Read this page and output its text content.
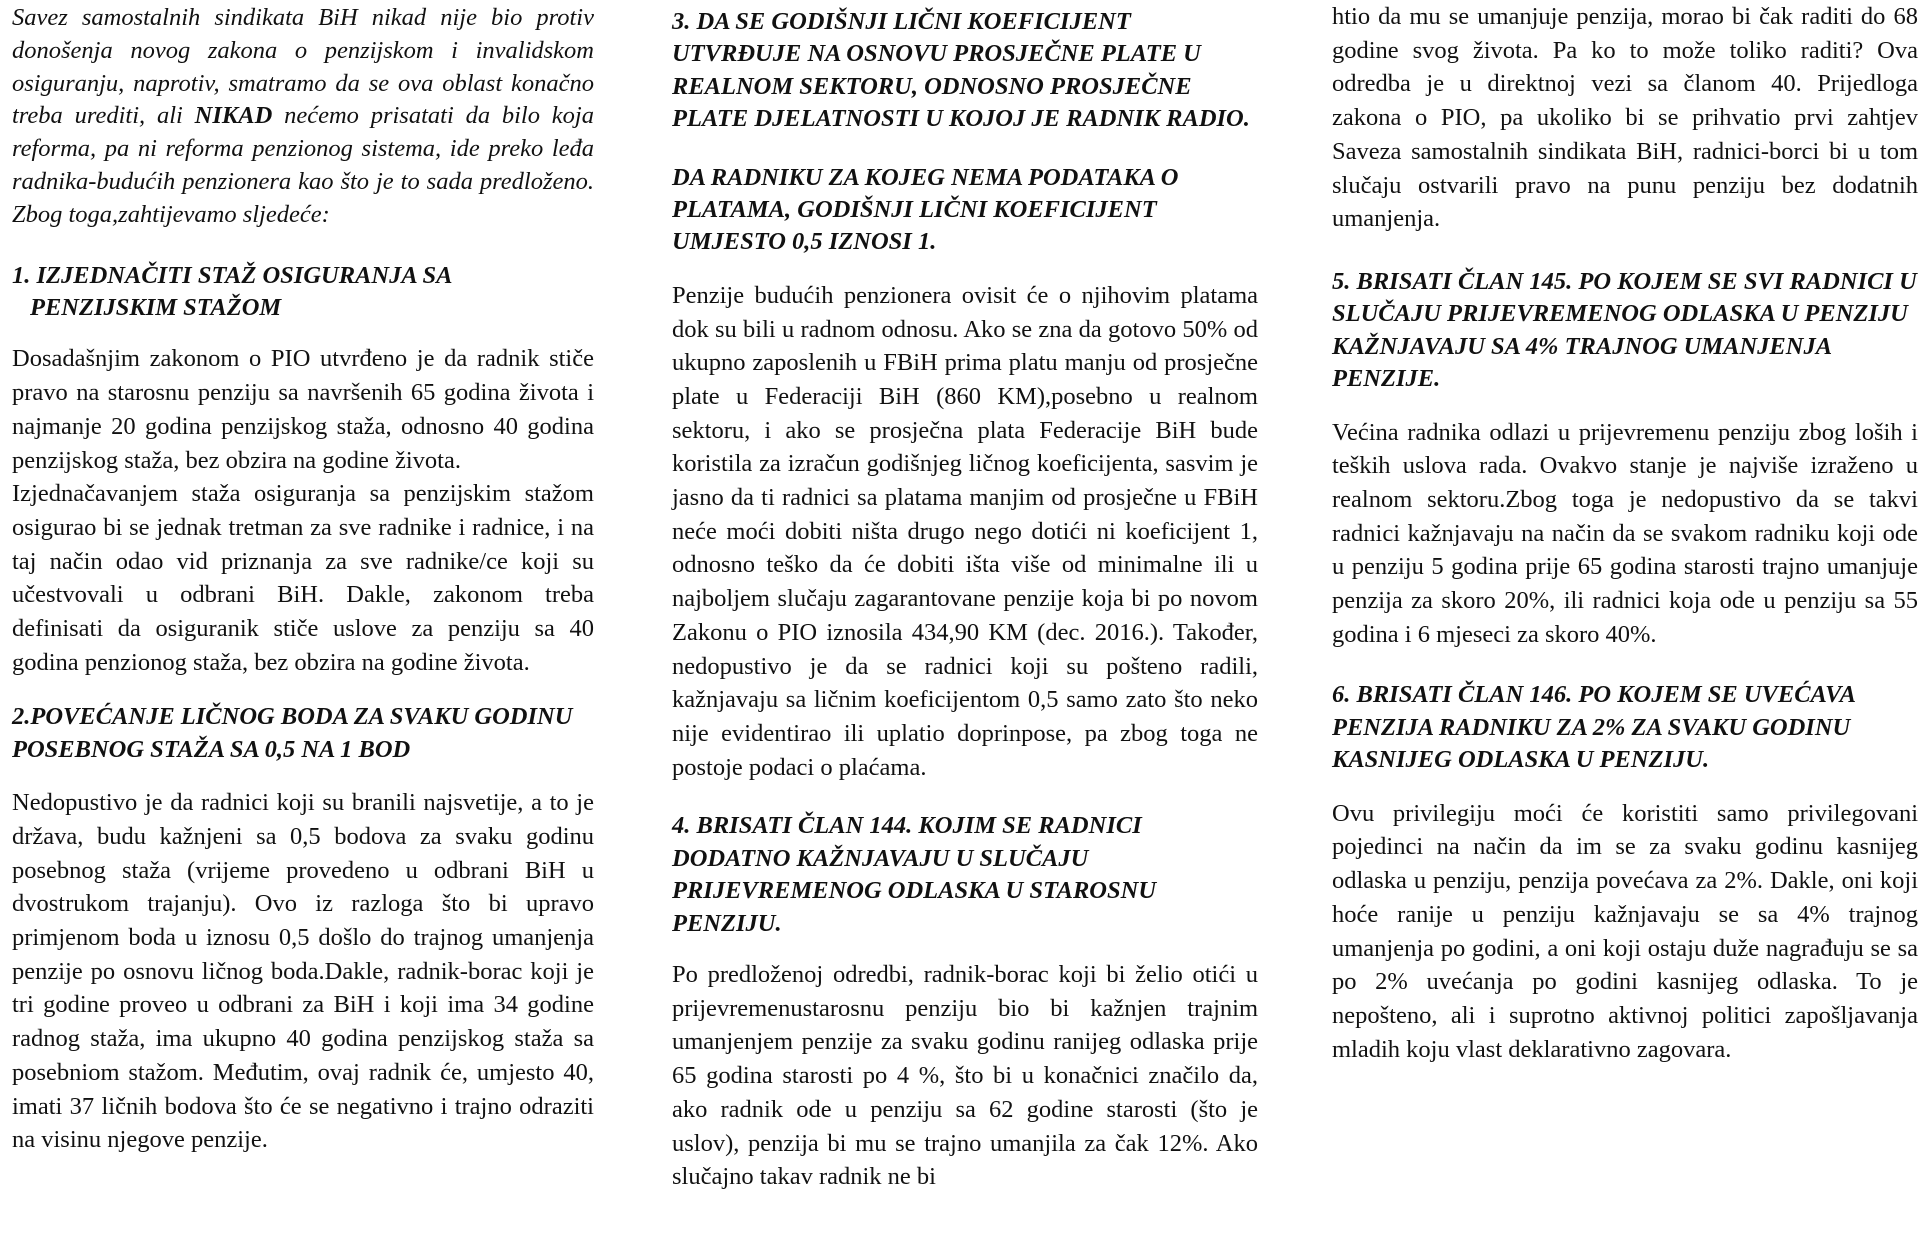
Savez samostalnih sindikata BiH nikad nije bio protiv donošenja novog zakona o penzijskom i invalidskom osiguranju, naprotiv, smatramo da se ova oblast konačno treba urediti, ali NIKAD nećemo prisatati da bilo koja reforma, pa ni reforma penzionog sistema, ide preko leđa radnika-budućih penzionera kao što je to sada predloženo. Zbog toga,zahtijevamo sljedeće:

1. IZJEDNAČITI STAŽ OSIGURANJA SA PENZIJSKIM STAŽOM

Dosadašnjim zakonom o PIO utvrđeno je da radnik stiče pravo na starosnu penziju sa navršenih 65 godina života i najmanje 20 godina penzijskog staža, odnosno 40 godina penzijskog staža, bez obzira na godine života.

Izjednačavanjem staža osiguranja sa penzijskim stažom osigurao bi se jednak tretman za sve radnike i radnice, i na taj način odao vid priznanja za sve radnike/ce koji su učestvovali u odbrani BiH. Dakle, zakonom treba definisati da osiguranik stiče uslove za penziju sa 40 godina penzionog staža, bez obzira na godine života.

2.POVEĆANJE LIČNOG BODA ZA SVAKU GODINU POSEBNOG STAŽA SA 0,5 NA 1 BOD

Nedopustivo je da radnici koji su branili najsvetije, a to je država, budu kažnjeni sa 0,5 bodova za svaku godinu posebnog staža (vrijeme provedeno u odbrani BiH u dvostrukom trajanju). Ovo iz razloga što bi upravo primjenom boda u iznosu 0,5 došlo do trajnog umanjenja penzije po osnovu ličnog boda.Dakle, radnik-borac koji je tri godine proveo u odbrani za BiH i koji ima 34 godine radnog staža, ima ukupno 40 godina penzijskog staža sa posebniom stažom. Međutim, ovaj radnik će, umjesto 40, imati 37 ličnih bodova što će se negativno i trajno odraziti na visinu njegove penzije.

3. DA SE GODIŠNJI LIČNI KOEFICIJENT UTVRĐUJE NA OSNOVU PROSJEČNE PLATE U REALNOM SEKTORU, ODNOSNO PROSJEČNE PLATE DJELATNOSTI U KOJOJ JE RADNIK RADIO.
DA RADNIKU ZA KOJEG NEMA PODATAKA O PLATAMA, GODIŠNJI LIČNI KOEFICIJENT UMJESTO 0,5 IZNOSI 1.

Penzije budućih penzionera ovisit će o njihovim platama dok su bili u radnom odnosu. Ako se zna da gotovo 50% od ukupno zaposlenih u FBiH prima platu manju od prosječne plate u Federaciji BiH (860 KM),posebno u realnom sektoru, i ako se prosječna plata Federacije BiH bude koristila za izračun godišnjeg ličnog koeficijenta, sasvim je jasno da ti radnici sa platama manjim od prosječne u FBiH neće moći dobiti ništa drugo nego dotići ni koeficijent 1, odnosno teško da će dobiti išta više od minimalne ili u najboljem slučaju zagarantovane penzije koja bi po novom Zakonu o PIO iznosila 434,90 KM (dec. 2016.). Također, nedopustivo je da se radnici koji su pošteno radili, kažnjavaju sa ličnim koeficijentom 0,5 samo zato što neko nije evidentirao ili uplatio doprinpose, pa zbog toga ne postoje podaci o plaćama.

4. BRISATI ČLAN 144. KOJIM SE RADNICI DODATNO KAŽNJAVAJU U SLUČAJU PRIJEVREMENOG ODLASKA U STAROSNU PENZIJU.

Po predloženoj odredbi, radnik-borac koji bi želio otići u prijevremenustarosnu penziju bio bi kažnjen trajnim umanjenjem penzije za svaku godinu ranijeg odlaska prije 65 godina starosti po 4 %, što bi u konačnici značilo da, ako radnik ode u penziju sa 62 godine starosti (što je uslov), penzija bi mu se trajno umanjila za čak 12%. Ako slučajno takav radnik ne bi

htio da mu se umanjuje penzija, morao bi čak raditi do 68 godine svog života. Pa ko to može toliko raditi? Ova odredba je u direktnoj vezi sa članom 40. Prijedloga zakona o PIO, pa ukoliko bi se prihvatio prvi zahtjev Saveza samostalnih sindikata BiH, radnici-borci bi u tom slučaju ostvarili pravo na punu penziju bez dodatnih umanjenja.

5. BRISATI ČLAN 145. PO KOJEM SE SVI RADNICI U SLUČAJU PRIJEVREMENOG ODLASKA U PENZIJU KAŽNJAVAJU SA 4% TRAJNOG UMANJENJA PENZIJE.

Većina radnika odlazi u prijevremenu penziju zbog loših i teških uslova rada. Ovakvo stanje je najviše izraženo u realnom sektoru.Zbog toga je nedopustivo da se takvi radnici kažnjavaju na način da se svakom radniku koji ode u penziju 5 godina prije 65 godina starosti trajno umanjuje penzija za skoro 20%, ili radnici koja ode u penziju sa 55 godina i 6 mjeseci za skoro 40%.

6. BRISATI ČLAN 146. PO KOJEM SE UVEĆAVA PENZIJA RADNIKU ZA 2% ZA SVAKU GODINU KASNIJEG ODLASKA U PENZIJU.

Ovu privilegiju moći će koristiti samo privilegovani pojedinci na način da im se za svaku godinu kasnijeg odlaska u penziju, penzija povećava za 2%. Dakle, oni koji hoće ranije u penziju kažnjavaju se sa 4% trajnog umanjenja po godini, a oni koji ostaju duže nagrađuju se sa po 2% uvećanja po godini kasnijeg odlaska. To je nepošteno, ali i suprotno aktivnoj politici zapošljavanja mladih koju vlast deklarativno zagovara.
